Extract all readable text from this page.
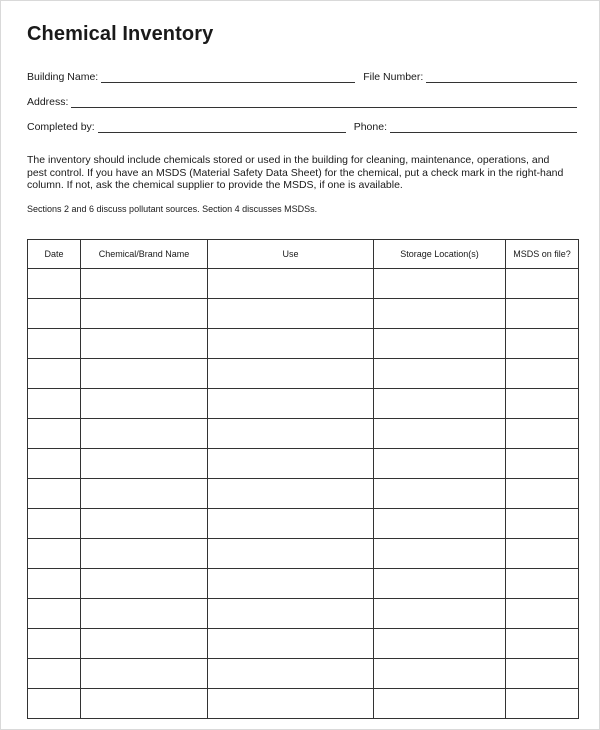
Chemical Inventory
Building Name:	File Number:
Address:
Completed by:	Phone:

The inventory should include chemicals stored or used in the building for cleaning, maintenance, operations, and pest control. If you have an MSDS (Material Safety Data Sheet) for the chemical, put a check mark in the right-hand column. If not, ask the chemical supplier to provide the MSDS, if one is available.

Sections 2 and 6 discuss pollutant sources. Section 4 discusses MSDSs.

Date	Chemical/Brand Name	Use	Storage Location(s)	MSDS on file?
